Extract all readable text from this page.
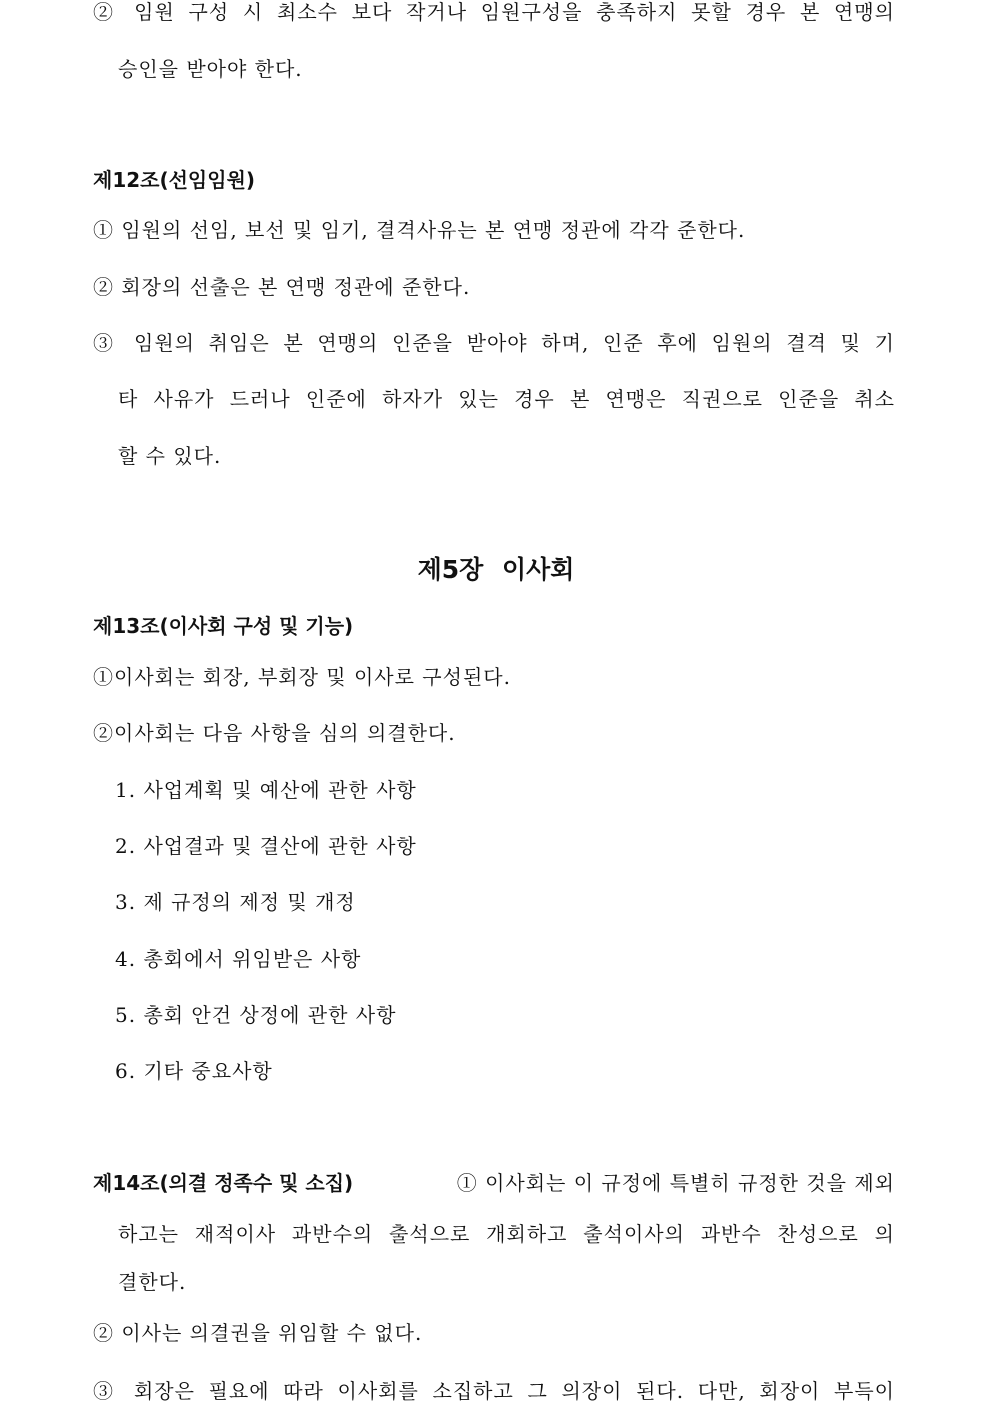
② 임원 구성 시 최소수 보다 작거나 임원구성을 충족하지 못할 경우 본 연맹의

승인을 받아야 한다.

제12조(선임임원)

① 임원의 선임, 보선 및 임기, 결격사유는 본 연맹 정관에 각각 준한다.

② 회장의 선출은 본 연맹 정관에 준한다.

③ 임원의 취임은 본 연맹의 인준을 받아야 하며, 인준 후에 임원의 결격 및 기

타 사유가 드러나 인준에 하자가 있는 경우 본 연맹은 직권으로 인준을 취소

할 수 있다.

제5장 이사회

제13조(이사회 구성 및 기능)

①이사회는 회장, 부회장 및 이사로 구성된다.

②이사회는 다음 사항을 심의 의결한다.

1. 사업계획 및 예산에 관한 사항

2. 사업결과 및 결산에 관한 사항

3. 제 규정의 제정 및 개정

4. 총회에서 위임받은 사항

5. 총회 안건 상정에 관한 사항

6. 기타 중요사항

제14조(의결 정족수 및 소집)	① 이사회는 이 규정에 특별히 규정한 것을 제외

하고는 재적이사 과반수의 출석으로 개회하고 출석이사의 과반수 찬성으로 의

결한다.

② 이사는 의결권을 위임할 수 없다.

③ 회장은 필요에 따라 이사회를 소집하고 그 의장이 된다. 다만, 회장이 부득이
